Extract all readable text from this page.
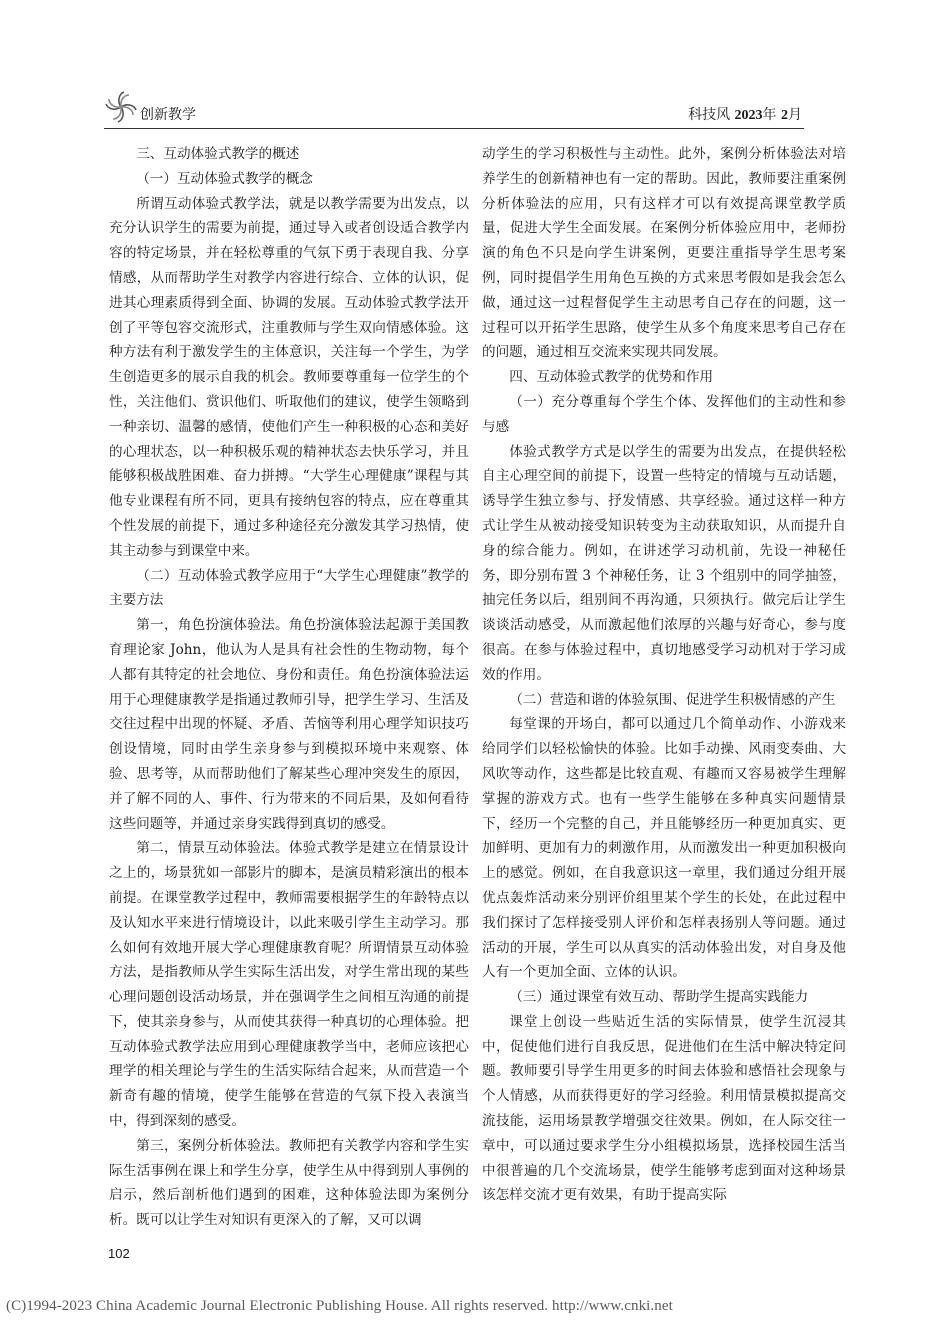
创新教学	科技风 2023年 2月

三、互动体验式教学的概述

（一）互动体验式教学的概念

所谓互动体验式教学法，就是以教学需要为出发点，以充分认识学生的需要为前提，通过导入或者创设适合教学内容的特定场景，并在轻松尊重的气氛下勇于表现自我、分享情感，从而帮助学生对教学内容进行综合、立体的认识，促进其心理素质得到全面、协调的发展。互动体验式教学法开创了平等包容交流形式，注重教师与学生双向情感体验。这种方法有利于激发学生的主体意识，关注每一个学生，为学生创造更多的展示自我的机会。教师要尊重每一位学生的个性，关注他们、赏识他们、听取他们的建议，使学生领略到一种亲切、温馨的感情，使他们产生一种积极的心态和美好的心理状态，以一种积极乐观的精神状态去快乐学习，并且能够积极战胜困难、奋力拼搏。“大学生心理健康”课程与其他专业课程有所不同，更具有接纳包容的特点，应在尊重其个性发展的前提下，通过多种途径充分激发其学习热情，使其主动参与到课堂中来。

（二）互动体验式教学应用于“大学生心理健康”教学的主要方法

第一，角色扮演体验法。角色扮演体验法起源于美国教育理论家 John，他认为人是具有社会性的生物动物，每个人都有其特定的社会地位、身份和责任。角色扮演体验法运用于心理健康教学是指通过教师引导，把学生学习、生活及交往过程中出现的怀疑、矛盾、苦恼等利用心理学知识技巧创设情境，同时由学生亲身参与到模拟环境中来观察、体验、思考等，从而帮助他们了解某些心理冲突发生的原因，并了解不同的人、事件、行为带来的不同后果，及如何看待这些问题等，并通过亲身实践得到真切的感受。

第二，情景互动体验法。体验式教学是建立在情景设计之上的，场景犹如一部影片的脚本，是演员精彩演出的根本前提。在课堂教学过程中，教师需要根据学生的年龄特点以及认知水平来进行情境设计，以此来吸引学生主动学习。那么如何有效地开展大学心理健康教育呢？所谓情景互动体验方法，是指教师从学生实际生活出发，对学生常出现的某些心理问题创设活动场景，并在强调学生之间相互沟通的前提下，使其亲身参与，从而使其获得一种真切的心理体验。把互动体验式教学法应用到心理健康教学当中，老师应该把心理学的相关理论与学生的生活实际结合起来，从而营造一个新奇有趣的情境，使学生能够在营造的气氛下投入表演当中，得到深刻的感受。

第三，案例分析体验法。教师把有关教学内容和学生实际生活事例在课上和学生分享，使学生从中得到别人事例的启示，然后剖析他们遇到的困难，这种体验法即为案例分析。既可以让学生对知识有更深入的了解，又可以调

动学生的学习积极性与主动性。此外，案例分析体验法对培养学生的创新精神也有一定的帮助。因此，教师要注重案例分析体验法的应用，只有这样才可以有效提高课堂教学质量，促进大学生全面发展。在案例分析体验应用中，老师扮演的角色不只是向学生讲案例，更要注重指导学生思考案例，同时提倡学生用角色互换的方式来思考假如是我会怎么做，通过这一过程督促学生主动思考自己存在的问题，这一过程可以开拓学生思路，使学生从多个角度来思考自己存在的问题，通过相互交流来实现共同发展。

四、互动体验式教学的优势和作用

（一）充分尊重每个学生个体、发挥他们的主动性和参与感

体验式教学方式是以学生的需要为出发点，在提供轻松自主心理空间的前提下，设置一些特定的情境与互动话题，诱导学生独立参与、抒发情感、共享经验。通过这样一种方式让学生从被动接受知识转变为主动获取知识，从而提升自身的综合能力。例如，在讲述学习动机前，先设一神秘任务，即分别布置 3 个神秘任务，让 3 个组别中的同学抽签，抽完任务以后，组别间不再沟通，只须执行。做完后让学生谈谈活动感受，从而激起他们浓厚的兴趣与好奇心，参与度很高。在参与体验过程中，真切地感受学习动机对于学习成效的作用。

（二）营造和谐的体验氛围、促进学生积极情感的产生

每堂课的开场白，都可以通过几个简单动作、小游戏来给同学们以轻松愉快的体验。比如手动操、风雨变奏曲、大风吹等动作，这些都是比较直观、有趣而又容易被学生理解掌握的游戏方式。也有一些学生能够在多种真实问题情景下，经历一个完整的自己，并且能够经历一种更加真实、更加鲜明、更加有力的刺激作用，从而激发出一种更加积极向上的感觉。例如，在自我意识这一章里，我们通过分组开展优点轰炸活动来分别评价组里某个学生的长处，在此过程中我们探讨了怎样接受别人评价和怎样表扬别人等问题。通过活动的开展，学生可以从真实的活动体验出发，对自身及他人有一个更加全面、立体的认识。

（三）通过课堂有效互动、帮助学生提高实践能力

课堂上创设一些贴近生活的实际情景，使学生沉浸其中，促使他们进行自我反思，促进他们在生活中解决特定问题。教师要引导学生用更多的时间去体验和感悟社会现象与个人情感，从而获得更好的学习经验。利用情景模拟提高交流技能，运用场景教学增强交往效果。例如，在人际交往一章中，可以通过要求学生分小组模拟场景，选择校园生活当中很普遍的几个交流场景，使学生能够考虑到面对这种场景该怎样交流才更有效果，有助于提高实际

102
(C)1994-2023 China Academic Journal Electronic Publishing House. All rights reserved. http://www.cnki.net
